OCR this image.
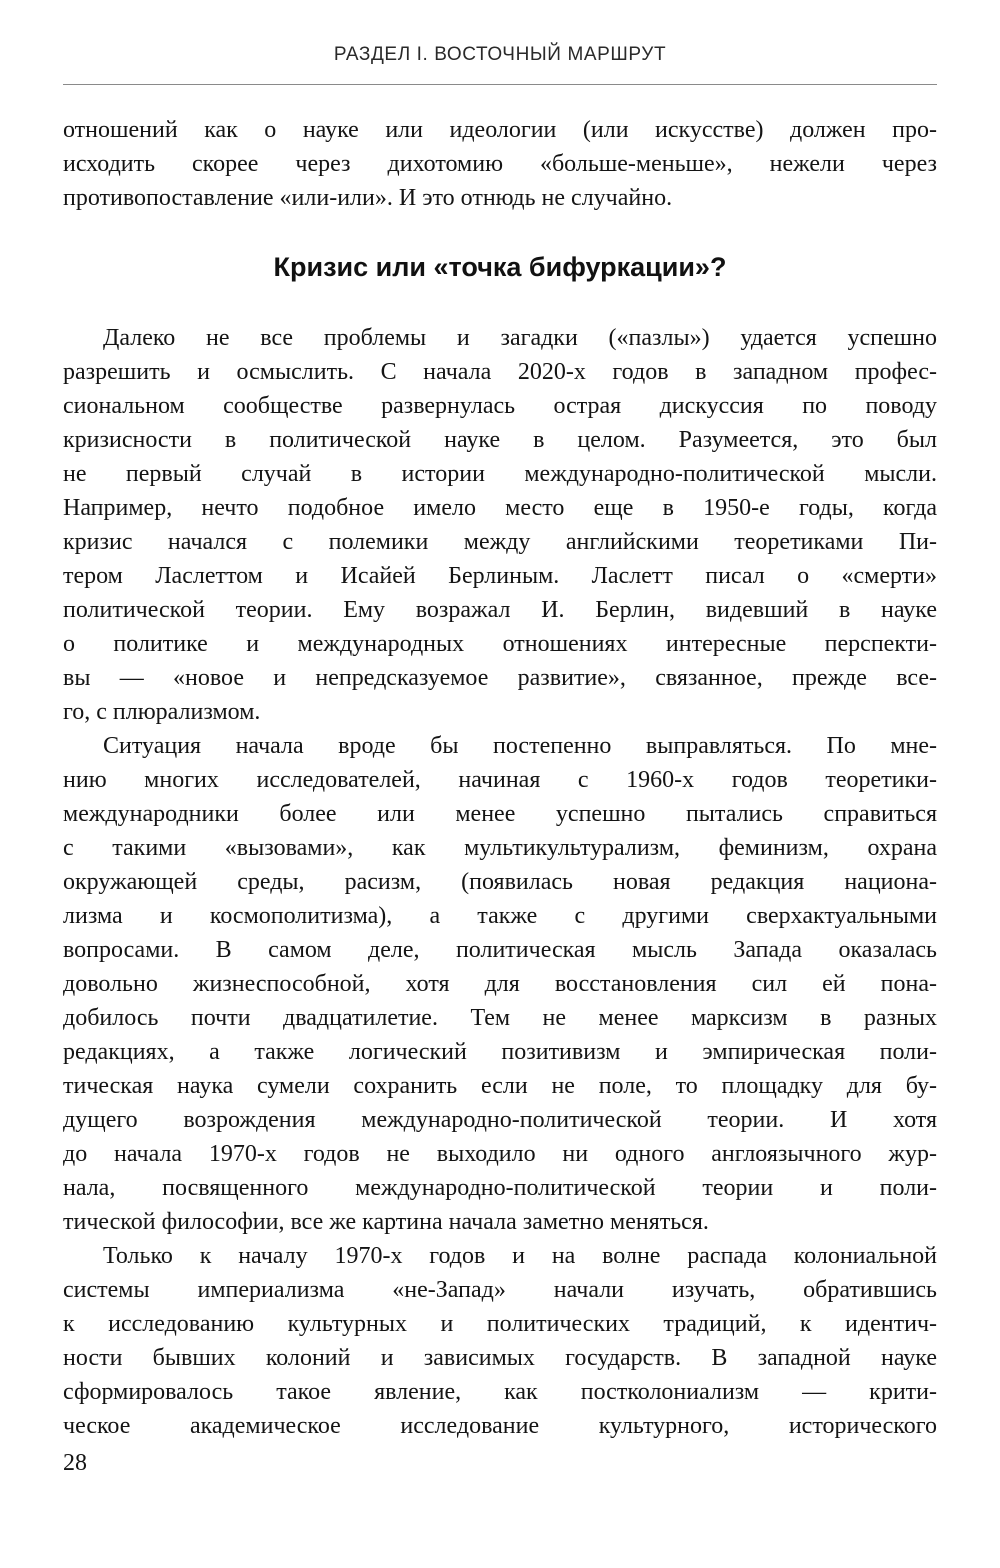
РАЗДЕЛ I. ВОСТОЧНЫЙ МАРШРУТ
отношений как о науке или идеологии (или искусстве) должен про-
исходить скорее через дихотомию «больше-меньше», нежели через
противопоставление «или-или». И это отнюдь не случайно.
Кризис или «точка бифуркации»?
Далеко не все проблемы и загадки («пазлы») удается успешно
разрешить и осмыслить. С начала 2020-х годов в западном профес-
сиональном сообществе развернулась острая дискуссия по поводу
кризисности в политической науке в целом. Разумеется, это был
не первый случай в истории международно-политической мысли.
Например, нечто подобное имело место еще в 1950-е годы, когда
кризис начался с полемики между английскими теоретиками Пи-
тером Ласлеттом и Исайей Берлиным. Ласлетт писал о «смерти»
политической теории. Ему возражал И. Берлин, видевший в науке
о политике и международных отношениях интересные перспекти-
вы — «новое и непредсказуемое развитие», связанное, прежде все-
го, с плюрализмом.
Ситуация начала вроде бы постепенно выправляться. По мне-
нию многих исследователей, начиная с 1960-х годов теоретики-
международники более или менее успешно пытались справиться
с такими «вызовами», как мультикультурализм, феминизм, охрана
окружающей среды, расизм, (появилась новая редакция национа-
лизма и космополитизма), а также с другими сверхактуальными
вопросами. В самом деле, политическая мысль Запада оказалась
довольно жизнеспособной, хотя для восстановления сил ей пона-
добилось почти двадцатилетие. Тем не менее марксизм в разных
редакциях, а также логический позитивизм и эмпирическая поли-
тическая наука сумели сохранить если не поле, то площадку для бу-
дущего возрождения международно-политической теории. И хотя
до начала 1970-х годов не выходило ни одного англоязычного жур-
нала, посвященного международно-политической теории и поли-
тической философии, все же картина начала заметно меняться.
Только к началу 1970-х годов и на волне распада колониальной
системы империализма «не-Запад» начали изучать, обратившись
к исследованию культурных и политических традиций, к идентич-
ности бывших колоний и зависимых государств. В западной науке
сформировалось такое явление, как постколониализм — крити-
ческое академическое исследование культурного, исторического
28
